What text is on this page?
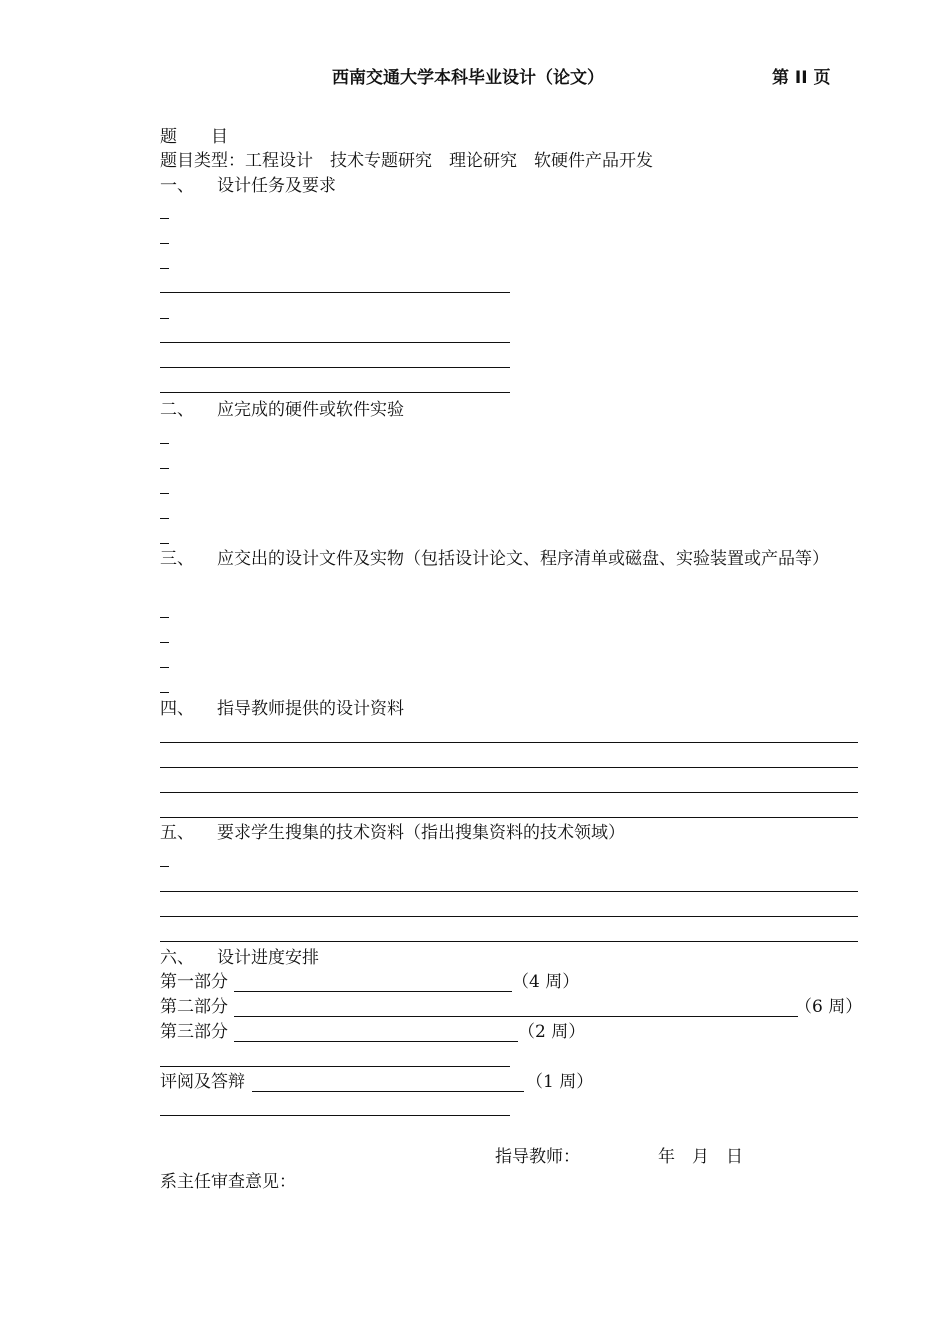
西南交通大学本科毕业设计（论文）	第 II 页
题　　目
题目类型：工程设计　技术专题研究　理论研究　软硬件产品开发
一、 设计任务及要求
二、 应完成的硬件或软件实验
三、 应交出的设计文件及实物（包括设计论文、程序清单或磁盘、实验装置或产品等）
四、 指导教师提供的设计资料
五、 要求学生搜集的技术资料（指出搜集资料的技术领域）
六、 设计进度安排
第一部分	（4 周）
第二部分	（6 周）
第三部分	（2 周）
评阅及答辩	（1 周）
指导教师：	年　月　日
系主任审查意见：
